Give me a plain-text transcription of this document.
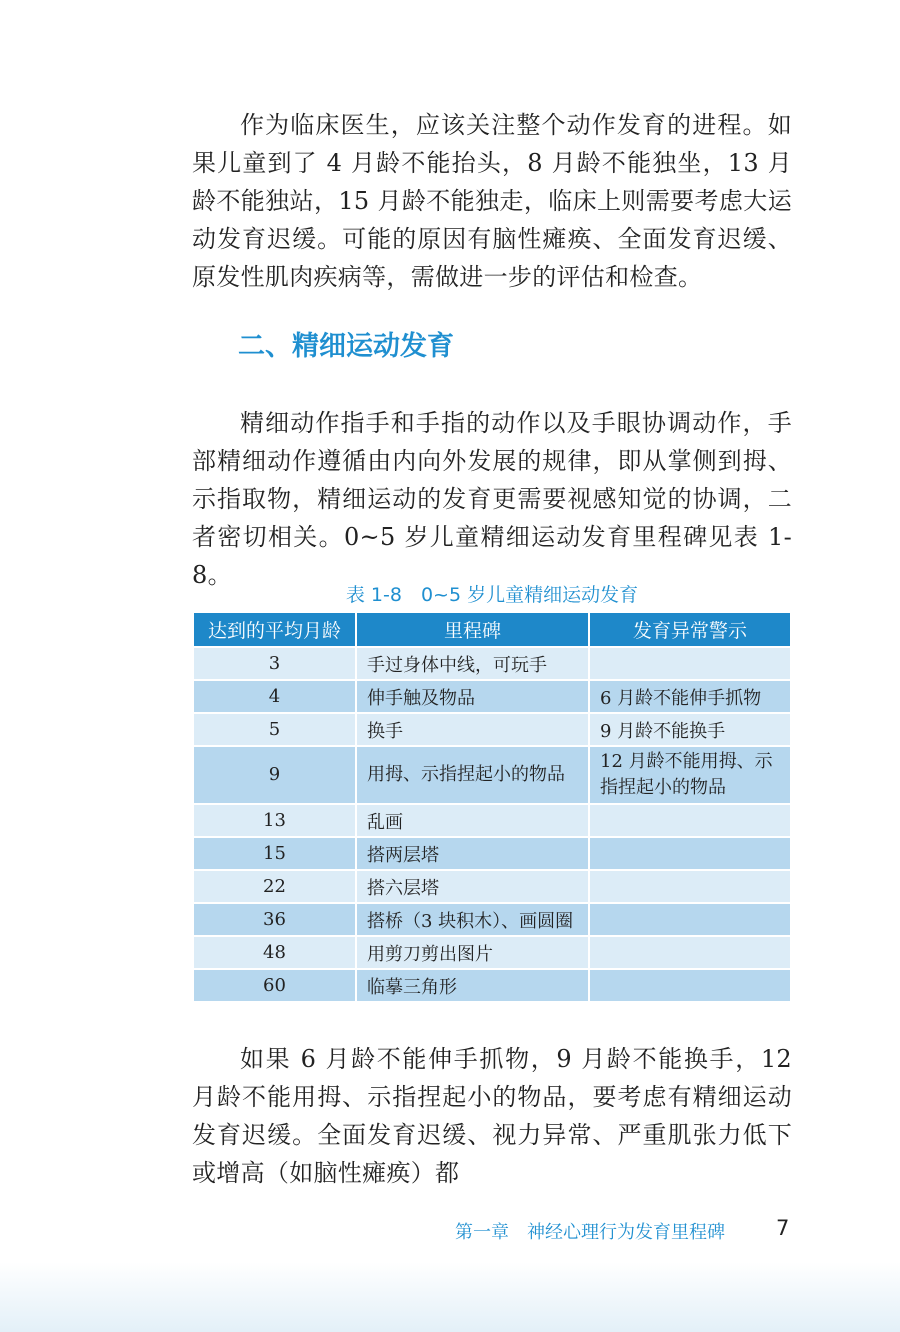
作为临床医生，应该关注整个动作发育的进程。如果儿童到了 4 月龄不能抬头，8 月龄不能独坐，13 月龄不能独站，15 月龄不能独走，临床上则需要考虑大运动发育迟缓。可能的原因有脑性瘫痪、全面发育迟缓、原发性肌肉疾病等，需做进一步的评估和检查。

二、精细运动发育

精细动作指手和手指的动作以及手眼协调动作，手部精细动作遵循由内向外发展的规律，即从掌侧到拇、示指取物，精细运动的发育更需要视感知觉的协调，二者密切相关。0~5 岁儿童精细运动发育里程碑见表 1-8。

表 1-8　0~5 岁儿童精细运动发育
达到的平均月龄	里程碑	发育异常警示
3	手过身体中线，可玩手	
4	伸手触及物品	6 月龄不能伸手抓物
5	换手	9 月龄不能换手
9	用拇、示指捏起小的物品	12 月龄不能用拇、示指捏起小的物品
13	乱画	
15	搭两层塔	
22	搭六层塔	
36	搭桥（3 块积木）、画圆圈	
48	用剪刀剪出图片	
60	临摹三角形	

如果 6 月龄不能伸手抓物，9 月龄不能换手，12 月龄不能用拇、示指捏起小的物品，要考虑有精细运动发育迟缓。全面发育迟缓、视力异常、严重肌张力低下或增高（如脑性瘫痪）都

第一章　神经心理行为发育里程碑 7
